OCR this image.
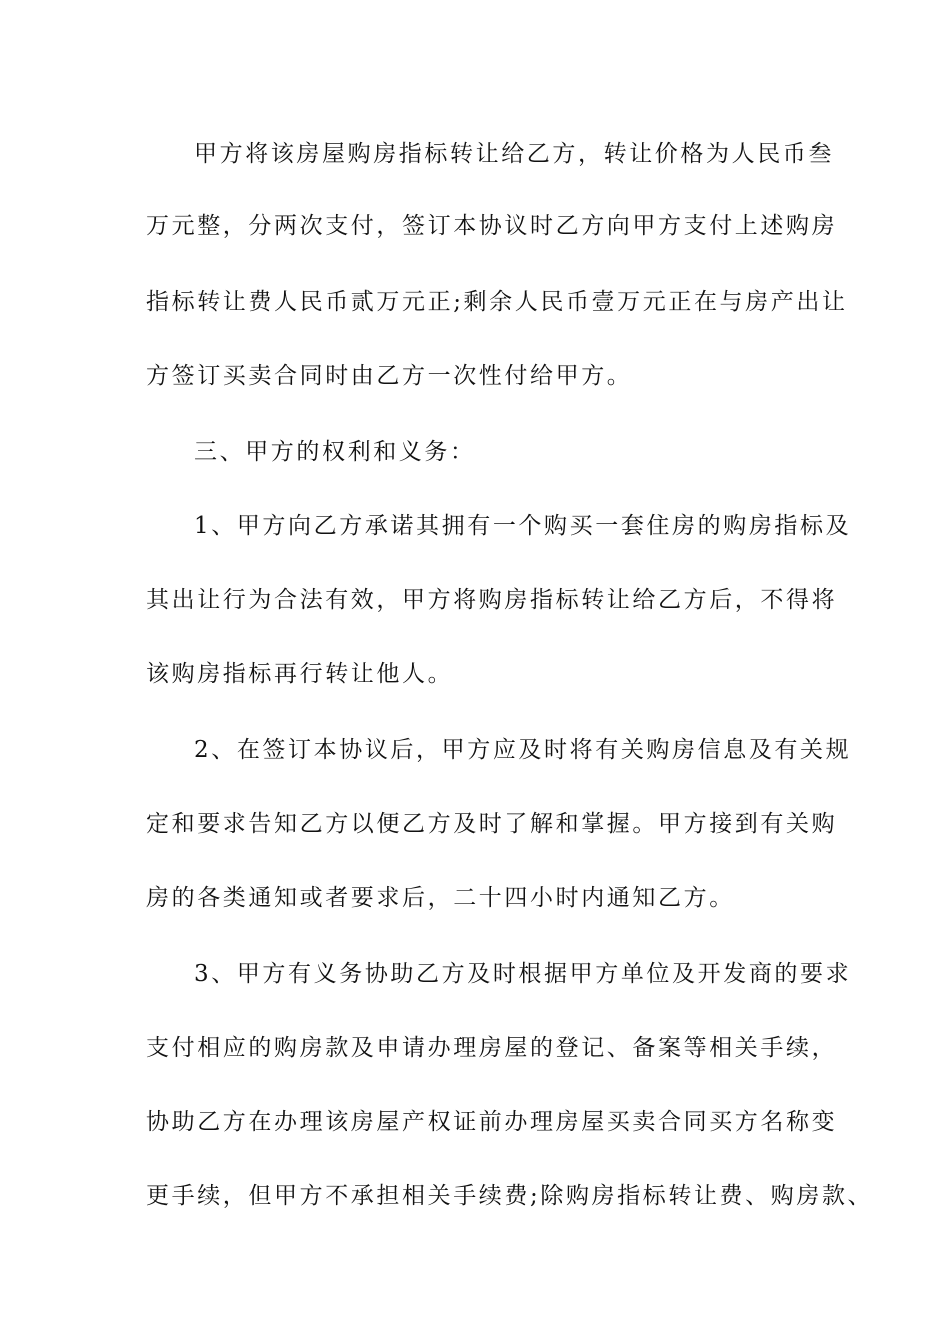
甲方将该房屋购房指标转让给乙方，转让价格为人民币叁
万元整，分两次支付，签订本协议时乙方向甲方支付上述购房
指标转让费人民币贰万元正;剩余人民币壹万元正在与房产出让
方签订买卖合同时由乙方一次性付给甲方。
三、甲方的权利和义务：
1、甲方向乙方承诺其拥有一个购买一套住房的购房指标及
其出让行为合法有效，甲方将购房指标转让给乙方后，不得将
该购房指标再行转让他人。
2、在签订本协议后，甲方应及时将有关购房信息及有关规
定和要求告知乙方以便乙方及时了解和掌握。甲方接到有关购
房的各类通知或者要求后，二十四小时内通知乙方。
3、甲方有义务协助乙方及时根据甲方单位及开发商的要求
支付相应的购房款及申请办理房屋的登记、备案等相关手续，
协助乙方在办理该房屋产权证前办理房屋买卖合同买方名称变
更手续，但甲方不承担相关手续费;除购房指标转让费、购房款、
